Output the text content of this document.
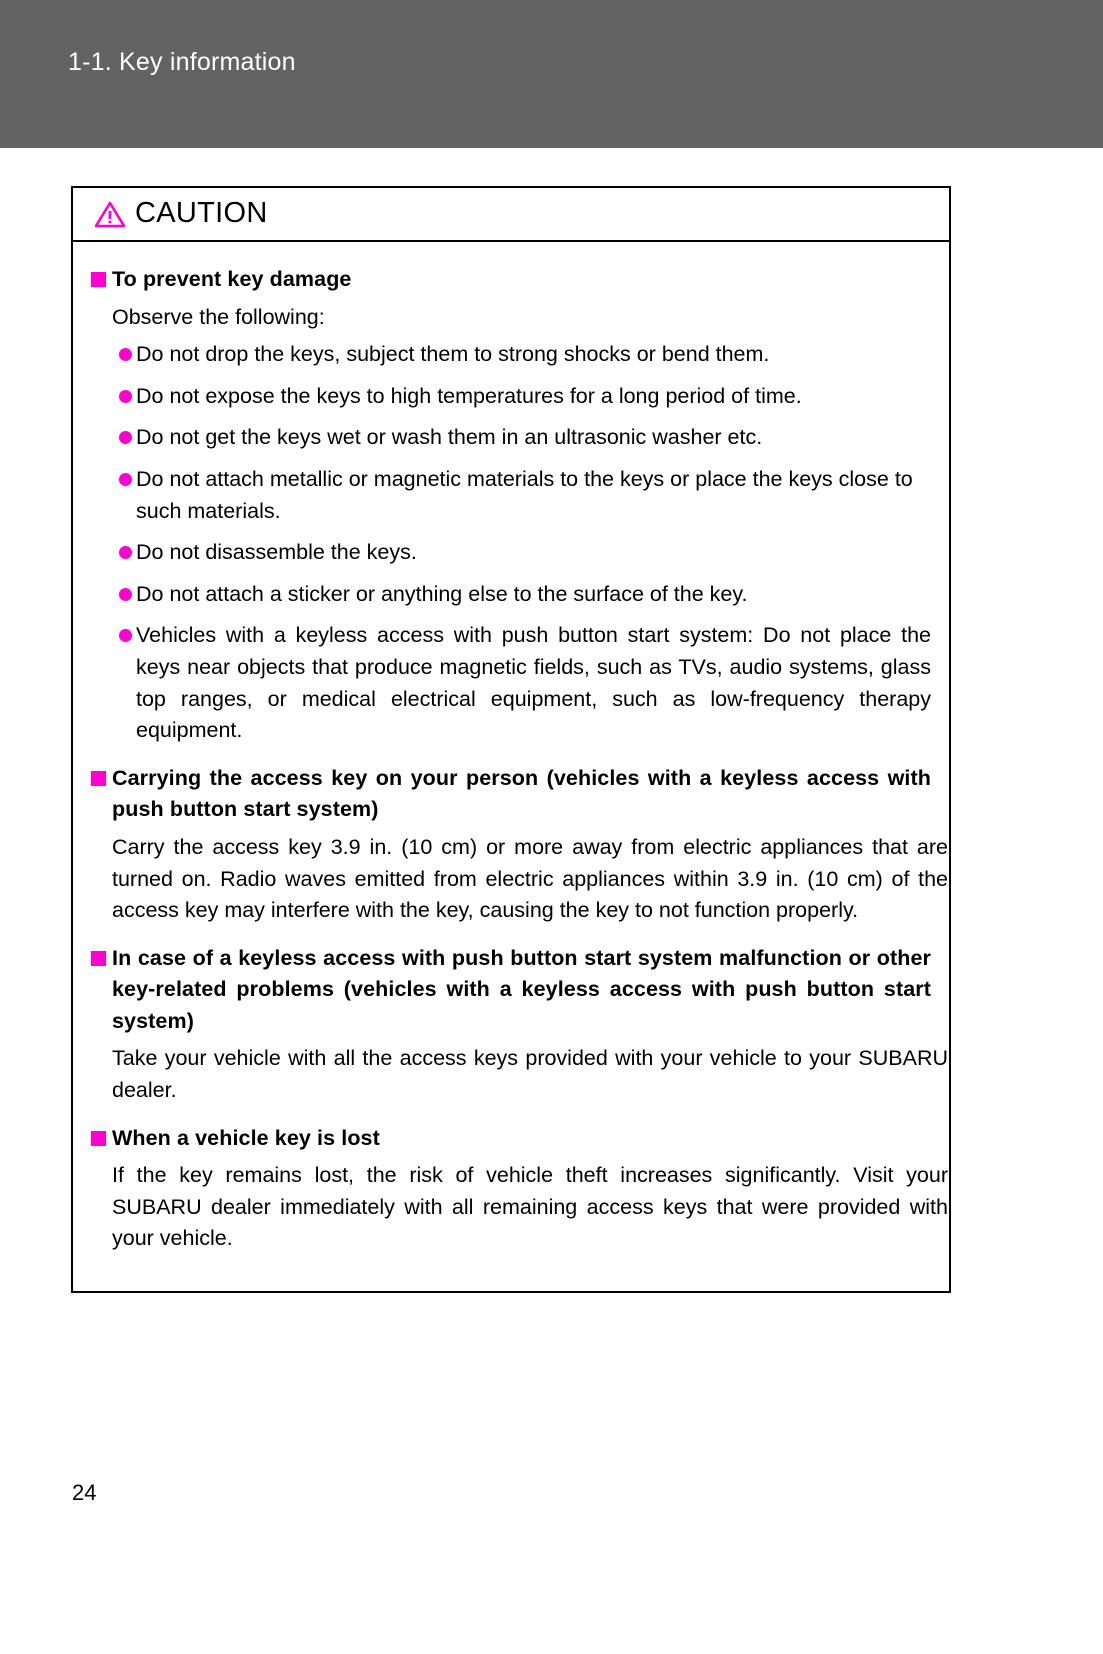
1-1. Key information
CAUTION
To prevent key damage
Observe the following:
Do not drop the keys, subject them to strong shocks or bend them.
Do not expose the keys to high temperatures for a long period of time.
Do not get the keys wet or wash them in an ultrasonic washer etc.
Do not attach metallic or magnetic materials to the keys or place the keys close to such materials.
Do not disassemble the keys.
Do not attach a sticker or anything else to the surface of the key.
Vehicles with a keyless access with push button start system: Do not place the keys near objects that produce magnetic fields, such as TVs, audio systems, glass top ranges, or medical electrical equipment, such as low-frequency therapy equipment.
Carrying the access key on your person (vehicles with a keyless access with push button start system)
Carry the access key 3.9 in. (10 cm) or more away from electric appliances that are turned on. Radio waves emitted from electric appliances within 3.9 in. (10 cm) of the access key may interfere with the key, causing the key to not function properly.
In case of a keyless access with push button start system malfunction or other key-related problems (vehicles with a keyless access with push button start system)
Take your vehicle with all the access keys provided with your vehicle to your SUBARU dealer.
When a vehicle key is lost
If the key remains lost, the risk of vehicle theft increases significantly. Visit your SUBARU dealer immediately with all remaining access keys that were provided with your vehicle.
24
